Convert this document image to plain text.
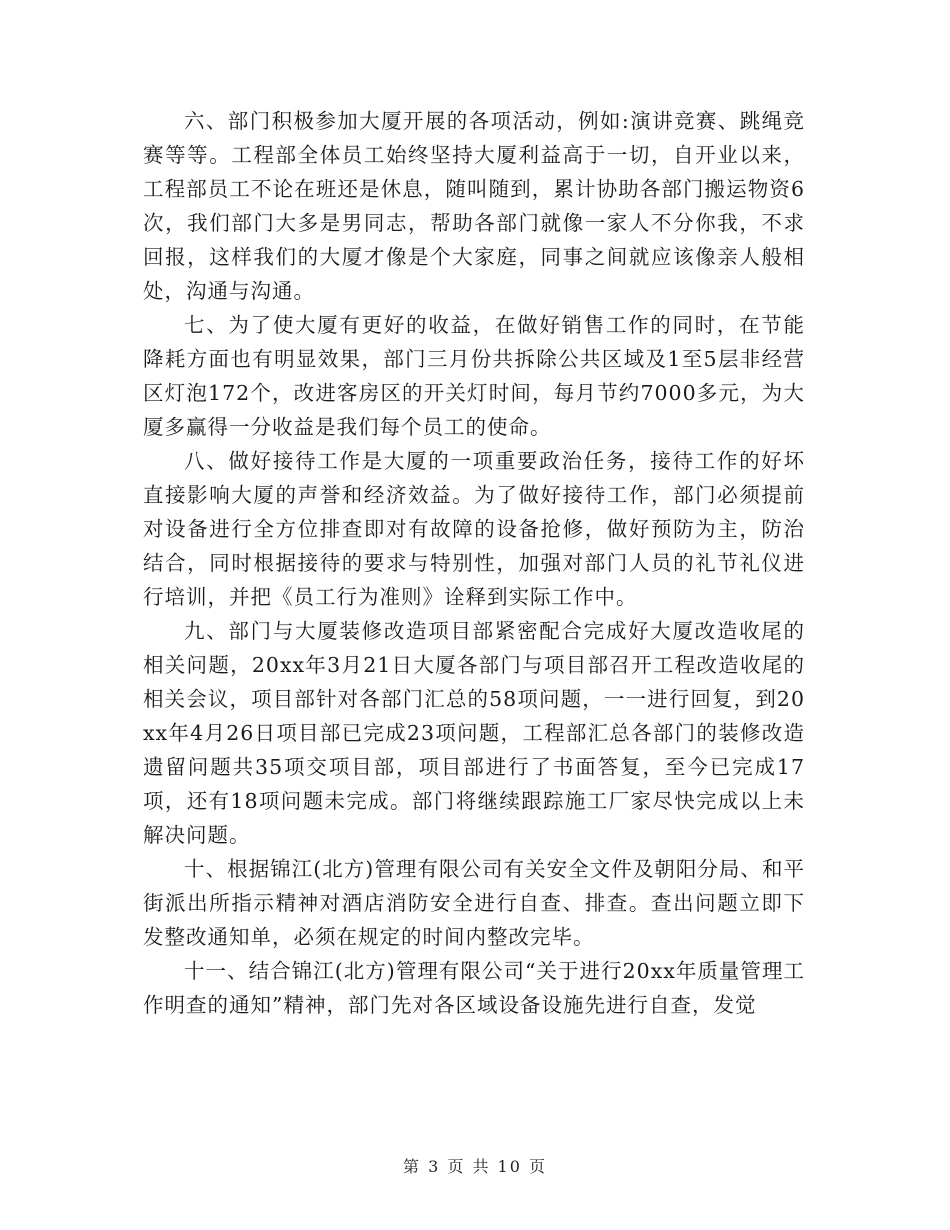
六、部门积极参加大厦开展的各项活动，例如:演讲竞赛、跳绳竞赛等等。工程部全体员工始终坚持大厦利益高于一切，自开业以来，工程部员工不论在班还是休息，随叫随到，累计协助各部门搬运物资6次，我们部门大多是男同志，帮助各部门就像一家人不分你我，不求回报，这样我们的大厦才像是个大家庭，同事之间就应该像亲人般相处，沟通与沟通。

七、为了使大厦有更好的收益，在做好销售工作的同时，在节能降耗方面也有明显效果，部门三月份共拆除公共区域及1至5层非经营区灯泡172个，改进客房区的开关灯时间，每月节约7000多元，为大厦多赢得一分收益是我们每个员工的使命。

八、做好接待工作是大厦的一项重要政治任务，接待工作的好坏直接影响大厦的声誉和经济效益。为了做好接待工作，部门必须提前对设备进行全方位排查即对有故障的设备抢修，做好预防为主，防治结合，同时根据接待的要求与特别性，加强对部门人员的礼节礼仪进行培训，并把《员工行为准则》诠释到实际工作中。

九、部门与大厦装修改造项目部紧密配合完成好大厦改造收尾的相关问题，20xx年3月21日大厦各部门与项目部召开工程改造收尾的相关会议，项目部针对各部门汇总的58项问题，一一进行回复，到20xx年4月26日项目部已完成23项问题，工程部汇总各部门的装修改造遗留问题共35项交项目部，项目部进行了书面答复，至今已完成17项，还有18项问题未完成。部门将继续跟踪施工厂家尽快完成以上未解决问题。

十、根据锦江(北方)管理有限公司有关安全文件及朝阳分局、和平街派出所指示精神对酒店消防安全进行自查、排查。查出问题立即下发整改通知单，必须在规定的时间内整改完毕。

十一、结合锦江(北方)管理有限公司“关于进行20xx年质量管理工作明查的通知”精神，部门先对各区域设备设施先进行自查，发觉

第 3 页 共 10 页
